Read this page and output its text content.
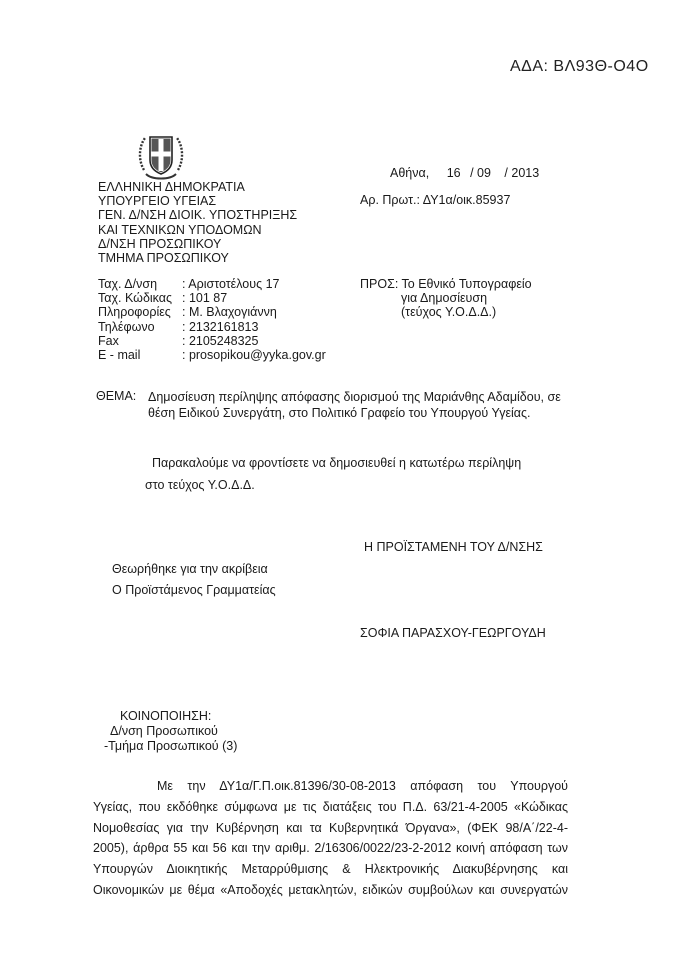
ΑΔΑ: ΒΛ93Θ-Ο4Ο
ΕΛΛΗΝΙΚΗ ΔΗΜΟΚΡΑΤΙΑ
ΥΠΟΥΡΓΕΙΟ ΥΓΕΙΑΣ
ΓΕΝ. Δ/ΝΣΗ ΔΙΟΙΚ. ΥΠΟΣΤΗΡΙΞΗΣ
ΚΑΙ ΤΕΧΝΙΚΩΝ ΥΠΟΔΟΜΩΝ
Δ/ΝΣΗ ΠΡΟΣΩΠΙΚΟΥ
ΤΜΗΜΑ ΠΡΟΣΩΠΙΚΟΥ
Ταχ. Δ/νση	: Αριστοτέλους 17
Ταχ. Κώδικας : 101 87
Πληροφορίες : Μ. Βλαχογιάννη
Τηλέφωνο	: 2132161813
Fax	: 2105248325
E - mail	: prosopikou@yyka.gov.gr
Αθήνα, 16 / 09 / 2013
Αρ. Πρωτ.: ΔΥ1α/οικ.85937
ΠΡΟΣ: Το Εθνικό Τυπογραφείο
για Δημοσίευση
(τεύχος Υ.Ο.Δ.Δ.)
ΘΕΜΑ: Δημοσίευση περίληψης απόφασης διορισμού της Μαριάνθης Αδαμίδου, σε
θέση Ειδικού Συνεργάτη, στο Πολιτικό Γραφείο του Υπουργού Υγείας.
Παρακαλούμε να φροντίσετε να δημοσιευθεί η κατωτέρω περίληψη
στο τεύχος Υ.Ο.Δ.Δ.
Η ΠΡΟΪΣΤΑΜΕΝΗ ΤΟΥ Δ/ΝΣΗΣ
Θεωρήθηκε για την ακρίβεια
Ο Προϊστάμενος Γραμματείας
ΣΟΦΙΑ ΠΑΡΑΣΧΟΥ-ΓΕΩΡΓΟΥΔΗ
ΚΟΙΝΟΠΟΙΗΣΗ:
Δ/νση Προσωπικού
-Τμήμα Προσωπικού (3)
Με την ΔΥ1α/Γ.Π.οικ.81396/30-08-2013 απόφαση του Υπουργού
Υγείας, που εκδόθηκε σύμφωνα με τις διατάξεις του Π.Δ. 63/21-4-2005 «Κώδικας
Νομοθεσίας για την Κυβέρνηση και τα Κυβερνητικά Όργανα», (ΦΕΚ 98/Α΄/22-4-
2005), άρθρα 55 και 56 και την αριθμ. 2/16306/0022/23-2-2012 κοινή απόφαση των
Υπουργών Διοικητικής Μεταρρύθμισης & Ηλεκτρονικής Διακυβέρνησης και
Οικονομικών με θέμα «Αποδοχές μετακλητών, ειδικών συμβούλων και συνεργατών
